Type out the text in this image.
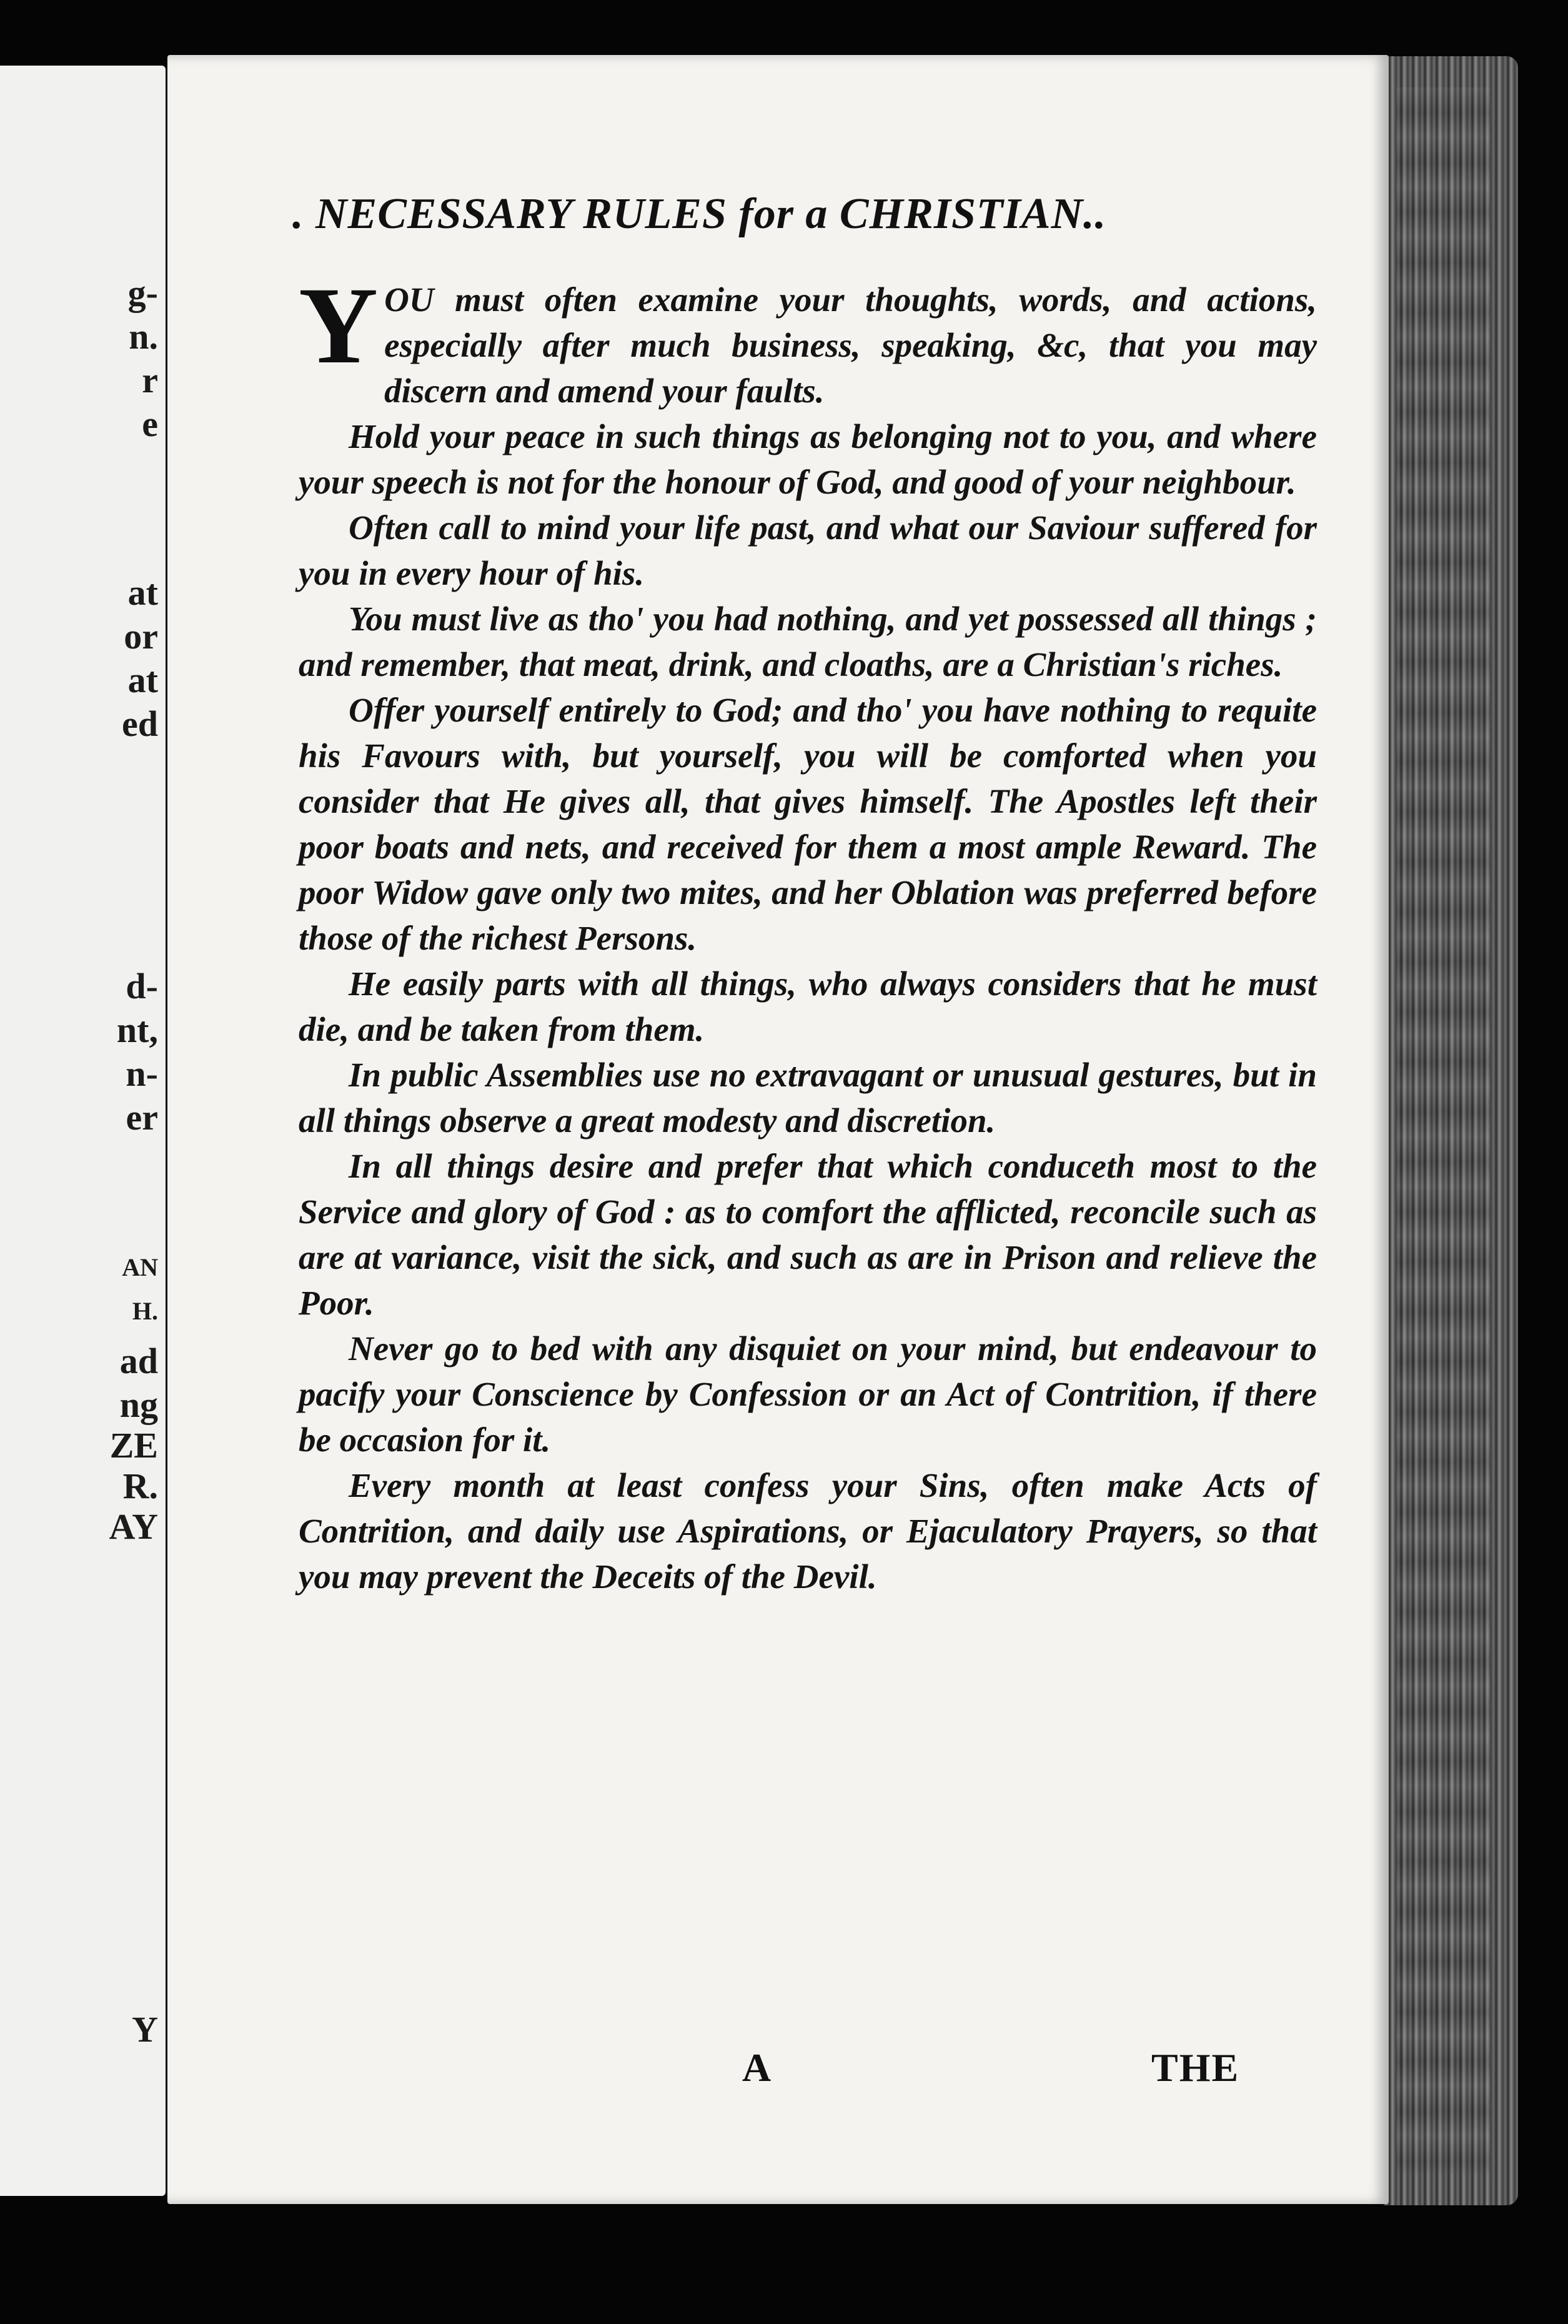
g-
n.
r
e
at
or
at
ed
d-
nt,
n-
er
AN
H.
ad
ng
ZE
R.
AY
Y
. NECESSARY RULES for a CHRISTIAN..

YOU must often examine your thoughts, words, and actions, especially after much business, speaking, &c, that you may discern and amend your faults.

Hold your peace in such things as belonging not to you, and where your speech is not for the honour of God, and good of your neighbour.

Often call to mind your life past, and what our Saviour suffered for you in every hour of his.

You must live as tho' you had nothing, and yet possessed all things ; and remember, that meat, drink, and cloaths, are a Christian's riches.

Offer yourself entirely to God; and tho' you have nothing to requite his Favours with, but yourself, you will be comforted when you consider that He gives all, that gives himself. The Apostles left their poor boats and nets, and received for them a most ample Reward. The poor Widow gave only two mites, and her Oblation was preferred before those of the richest Persons.

He easily parts with all things, who always considers that he must die, and be taken from them.

In public Assemblies use no extravagant or unusual gestures, but in all things observe a great modesty and discretion.

In all things desire and prefer that which conduceth most to the Service and glory of God : as to comfort the afflicted, reconcile such as are at variance, visit the sick, and such as are in Prison and relieve the Poor.

Never go to bed with any disquiet on your mind, but endeavour to pacify your Conscience by Confession or an Act of Contrition, if there be occasion for it.

Every month at least confess your Sins, often make Acts of Contrition, and daily use Aspirations, or Ejaculatory Prayers, so that you may prevent the Deceits of the Devil.

A	THE
